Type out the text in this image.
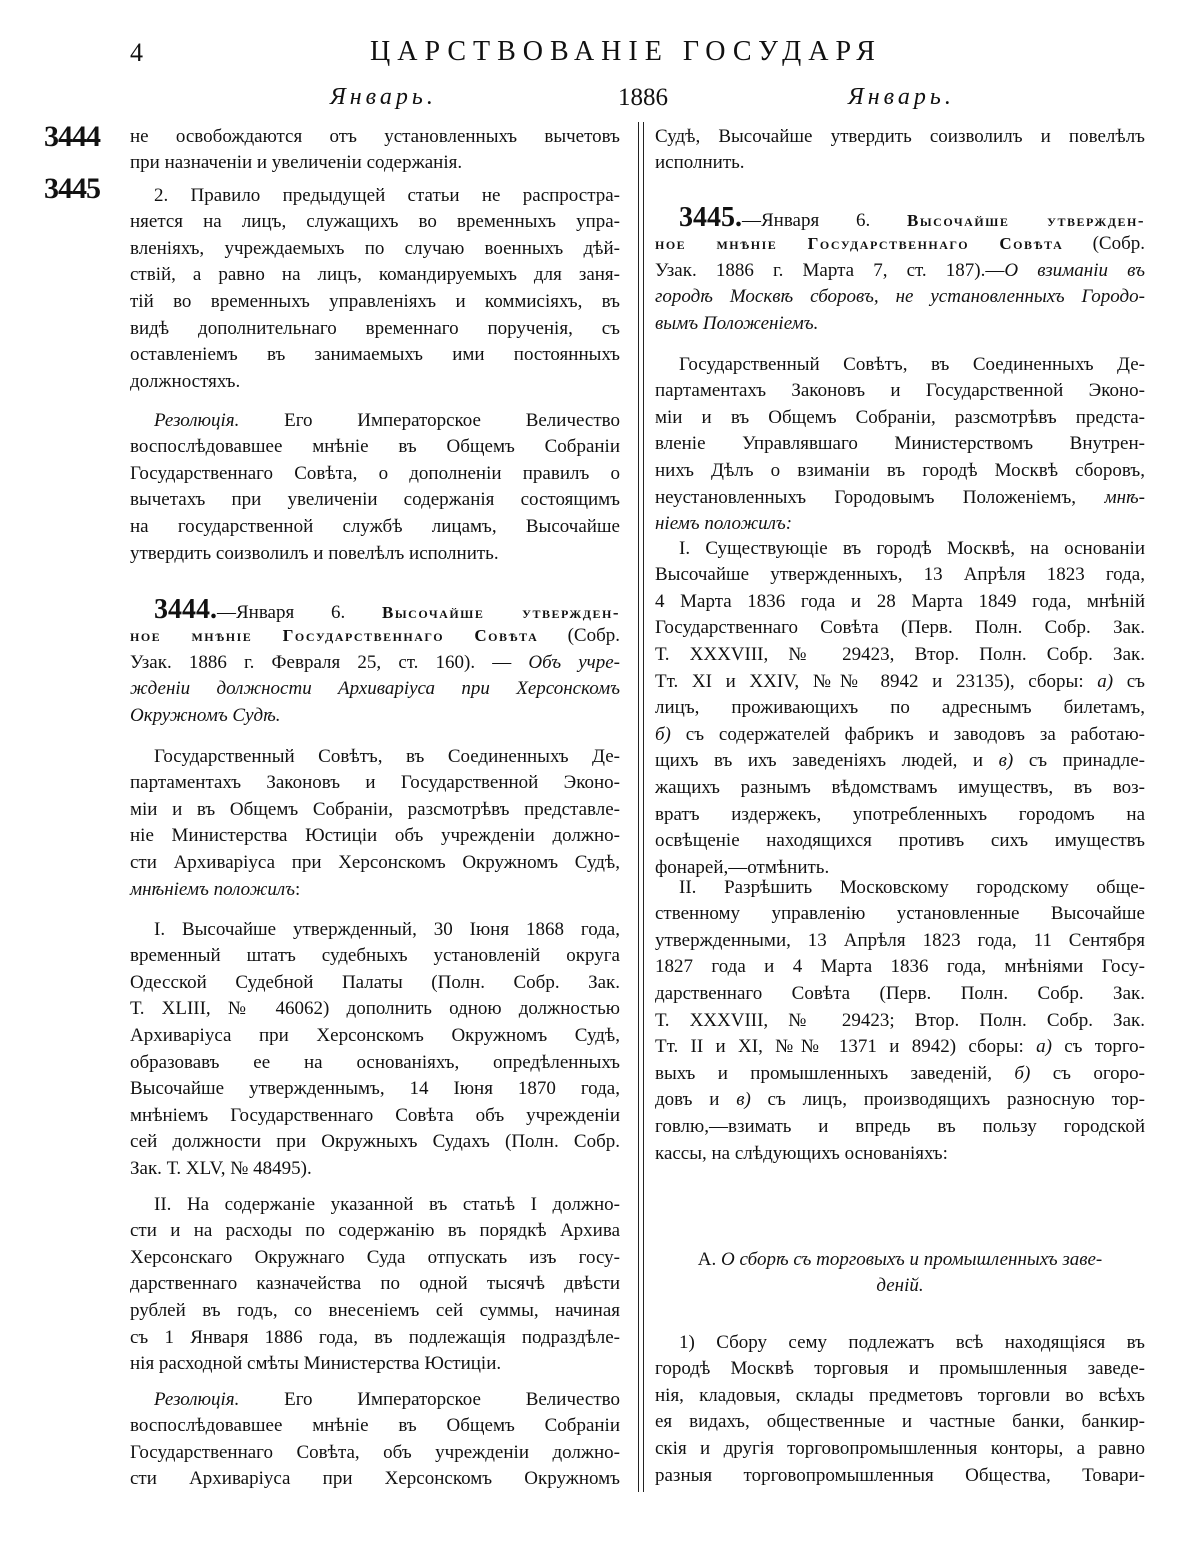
4	ЦАРСТВОВАНІЕ ГОСУДАРЯ
Январь.	1886	Январь.
3444
3445
не освобождаются отъ установленныхъ вычетовъ
при назначеніи и увеличеніи содержанія.
2. Правило предыдущей статьи не распростра-
няется на лицъ, служащихъ во временныхъ упра-
вленіяхъ, учреждаемыхъ по случаю военныхъ дѣй-
ствій, а равно на лицъ, командируемыхъ для заня-
тій во временныхъ управленіяхъ и коммисіяхъ, въ
видѣ дополнительнаго временнаго порученія, съ
оставленіемъ въ занимаемыхъ ими постоянныхъ
должностяхъ.
Резолюція. Его Императорское Величество
воспослѣдовавшее мнѣніе въ Общемъ Собраніи
Государственнаго Совѣта, о дополненіи правилъ о
вычетахъ при увеличеніи содержанія состоящимъ
на государственной службѣ лицамъ, Высочайше
утвердить соизволилъ и повелѣлъ исполнить.
3444.—Января 6. Высочайше утвержден-
ное мнѣніе Государственнаго Совѣта (Собр.
Узак. 1886 г. Февраля 25, ст. 160). — Объ учре-
жденіи должности Архиваріуса при Херсонскомъ
Окружномъ Судѣ.
Государственный Совѣтъ, въ Соединенныхъ Де-
партаментахъ Законовъ и Государственной Эконо-
міи и въ Общемъ Собраніи, разсмотрѣвъ представле-
ніе Министерства Юстиціи объ учрежденіи должно-
сти Архиваріуса при Херсонскомъ Окружномъ Судѣ,
мнѣніемъ положилъ:
I. Высочайше утвержденный, 30 Іюня 1868 года,
временный штатъ судебныхъ установленій округа
Одесской Судебной Палаты (Полн. Собр. Зак.
Т. XLIII, № 46062) дополнить одною должностью
Архиваріуса при Херсонскомъ Окружномъ Судѣ,
образовавъ ее на основаніяхъ, опредѣленныхъ
Высочайше утвержденнымъ, 14 Іюня 1870 года,
мнѣніемъ Государственнаго Совѣта объ учрежденіи
сей должности при Окружныхъ Судахъ (Полн. Собр.
Зак. Т. XLV, № 48495).
II. На содержаніе указанной въ статьѣ I должно-
сти и на расходы по содержанію въ порядкѣ Архива
Херсонскаго Окружнаго Суда отпускать изъ госу-
дарственнаго казначейства по одной тысячѣ двѣсти
рублей въ годъ, со внесеніемъ сей суммы, начиная
съ 1 Января 1886 года, въ подлежащія подраздѣле-
нія расходной смѣты Министерства Юстиціи.
Резолюція. Его Императорское Величество
воспослѣдовавшее мнѣніе въ Общемъ Собраніи
Государственнаго Совѣта, объ учрежденіи должно-
сти Архиваріуса при Херсонскомъ Окружномъ
Судѣ, Высочайше утвердить соизволилъ и повелѣлъ
исполнить.
3445.—Января 6. Высочайше утвержден-
ное мнѣніе Государственнаго Совѣта (Собр.
Узак. 1886 г. Марта 7, ст. 187).—О взиманіи въ
городѣ Москвѣ сборовъ, не установленныхъ Городо-
вымъ Положеніемъ.
Государственный Совѣтъ, въ Соединенныхъ Де-
партаментахъ Законовъ и Государственной Эконо-
міи и въ Общемъ Собраніи, разсмотрѣвъ предста-
вленіе Управлявшаго Министерствомъ Внутрен-
нихъ Дѣлъ о взиманіи въ городѣ Москвѣ сборовъ,
неустановленныхъ Городовымъ Положеніемъ, мнѣ-
ніемъ положилъ:
I. Существующіе въ городѣ Москвѣ, на основаніи
Высочайше утвержденныхъ, 13 Апрѣля 1823 года,
4 Марта 1836 года и 28 Марта 1849 года, мнѣній
Государственнаго Совѣта (Перв. Полн. Собр. Зак.
Т. XXXVIII, № 29423, Втор. Полн. Собр. Зак.
Тт. XI и XXIV, №№ 8942 и 23135), сборы: а) съ
лицъ, проживающихъ по адреснымъ билетамъ,
б) съ содержателей фабрикъ и заводовъ за работаю-
щихъ въ ихъ заведеніяхъ людей, и в) съ принадле-
жащихъ разнымъ вѣдомствамъ имуществъ, въ воз-
вратъ издержекъ, употребленныхъ городомъ на
освѣщеніе находящихся противъ сихъ имуществъ
фонарей,—отмѣнить.
II. Разрѣшить Московскому городскому обще-
ственному управленію установленные Высочайше
утвержденными, 13 Апрѣля 1823 года, 11 Сентября
1827 года и 4 Марта 1836 года, мнѣніями Госу-
дарственнаго Совѣта (Перв. Полн. Собр. Зак.
Т. XXXVIII, № 29423; Втор. Полн. Собр. Зак.
Тт. II и XI, №№ 1371 и 8942) сборы: а) съ торго-
выхъ и промышленныхъ заведеній, б) съ огоро-
довъ и в) съ лицъ, производящихъ разносную тор-
говлю,—взимать и впредь въ пользу городской
кассы, на слѣдующихъ основаніяхъ:
А. О сборѣ съ торговыхъ и промышленныхъ заве-
деній.
1) Сбору сему подлежатъ всѣ находящіяся въ
городѣ Москвѣ торговыя и промышленныя заведе-
нія, кладовыя, склады предметовъ торговли во всѣхъ
ея видахъ, общественные и частные банки, банкир-
скія и другія торговопромышленныя конторы, а равно
разныя торговопромышленныя Общества, Товари-
